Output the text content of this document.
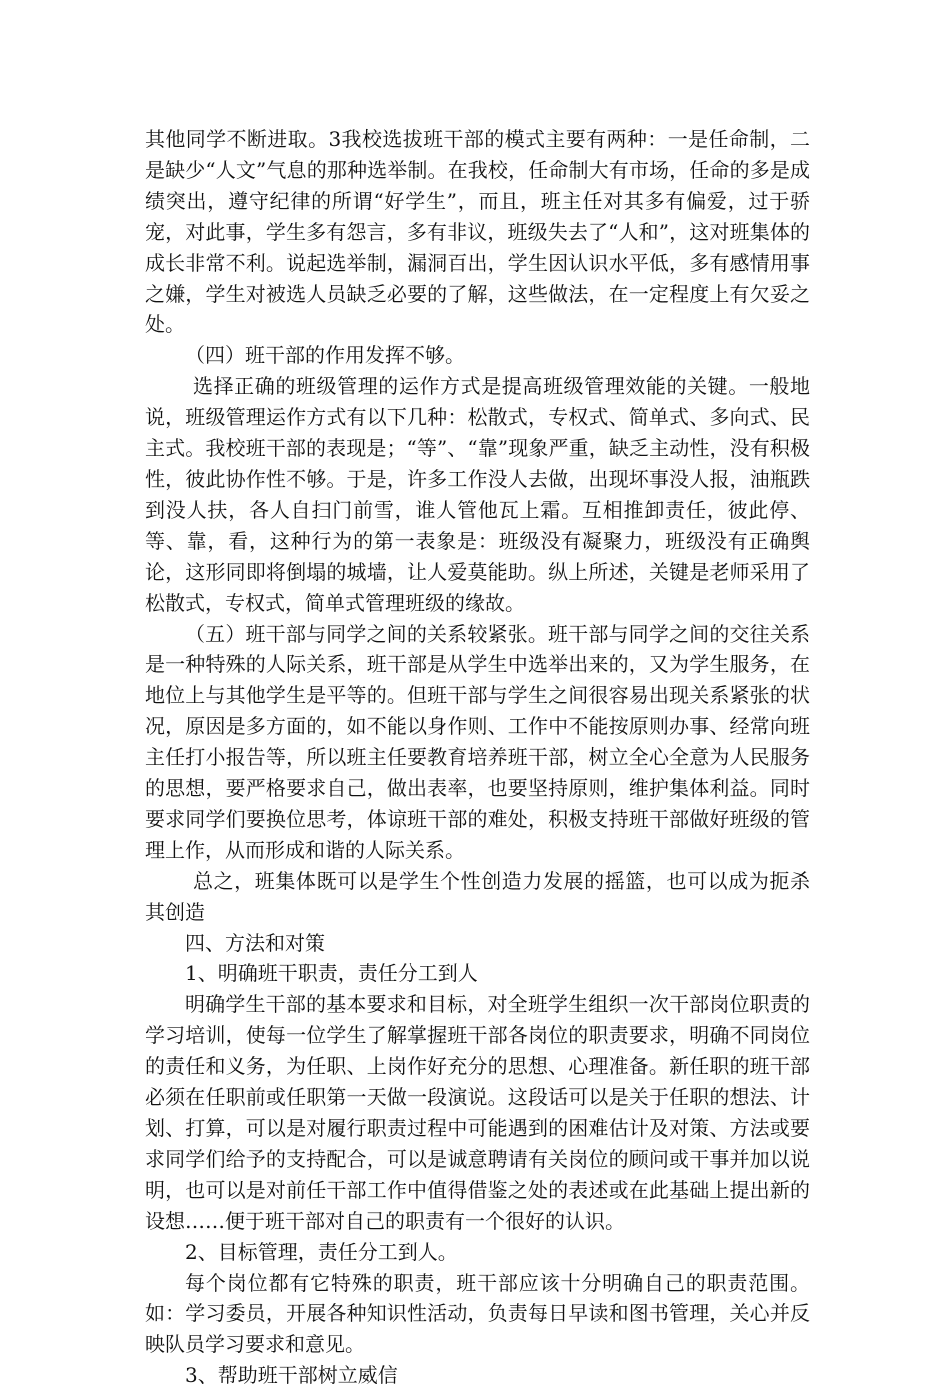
其他同学不断进取。3我校选拔班干部的模式主要有两种：一是任命制，二是缺少“人文”气息的那种选举制。在我校，任命制大有市场，任命的多是成绩突出，遵守纪律的所谓“好学生”，而且，班主任对其多有偏爱，过于骄宠，对此事，学生多有怨言，多有非议，班级失去了“人和”，这对班集体的成长非常不利。说起选举制，漏洞百出，学生因认识水平低，多有感情用事之嫌，学生对被选人员缺乏必要的了解，这些做法，在一定程度上有欠妥之处。

（四）班干部的作用发挥不够。

选择正确的班级管理的运作方式是提高班级管理效能的关键。一般地说，班级管理运作方式有以下几种：松散式，专权式、简单式、多向式、民主式。我校班干部的表现是；“等”、“靠”现象严重，缺乏主动性，没有积极性，彼此协作性不够。于是，许多工作没人去做，出现坏事没人报，油瓶跌到没人扶，各人自扫门前雪，谁人管他瓦上霜。互相推卸责任，彼此停、等、靠，看，这种行为的第一表象是：班级没有凝聚力，班级没有正确舆论，这形同即将倒塌的城墙，让人爱莫能助。纵上所述，关键是老师采用了松散式，专权式，简单式管理班级的缘故。

（五）班干部与同学之间的关系较紧张。班干部与同学之间的交往关系是一种特殊的人际关系，班干部是从学生中选举出来的，又为学生服务，在地位上与其他学生是平等的。但班干部与学生之间很容易出现关系紧张的状况，原因是多方面的，如不能以身作则、工作中不能按原则办事、经常向班主任打小报告等，所以班主任要教育培养班干部，树立全心全意为人民服务的思想，要严格要求自己，做出表率，也要坚持原则，维护集体利益。同时要求同学们要换位思考，体谅班干部的难处，积极支持班干部做好班级的管理上作，从而形成和谐的人际关系。

总之，班集体既可以是学生个性创造力发展的摇篮，也可以成为扼杀其创造

四、方法和对策

1、明确班干职责，责任分工到人

明确学生干部的基本要求和目标，对全班学生组织一次干部岗位职责的学习培训，使每一位学生了解掌握班干部各岗位的职责要求，明确不同岗位的责任和义务，为任职、上岗作好充分的思想、心理准备。新任职的班干部必须在任职前或任职第一天做一段演说。这段话可以是关于任职的想法、计划、打算，可以是对履行职责过程中可能遇到的困难估计及对策、方法或要求同学们给予的支持配合，可以是诚意聘请有关岗位的顾问或干事并加以说明，也可以是对前任干部工作中值得借鉴之处的表述或在此基础上提出新的设想……便于班干部对自己的职责有一个很好的认识。

2、目标管理，责任分工到人。

每个岗位都有它特殊的职责，班干部应该十分明确自己的职责范围。如：学习委员，开展各种知识性活动，负责每日早读和图书管理，关心并反映队员学习要求和意见。

3、帮助班干部树立威信
